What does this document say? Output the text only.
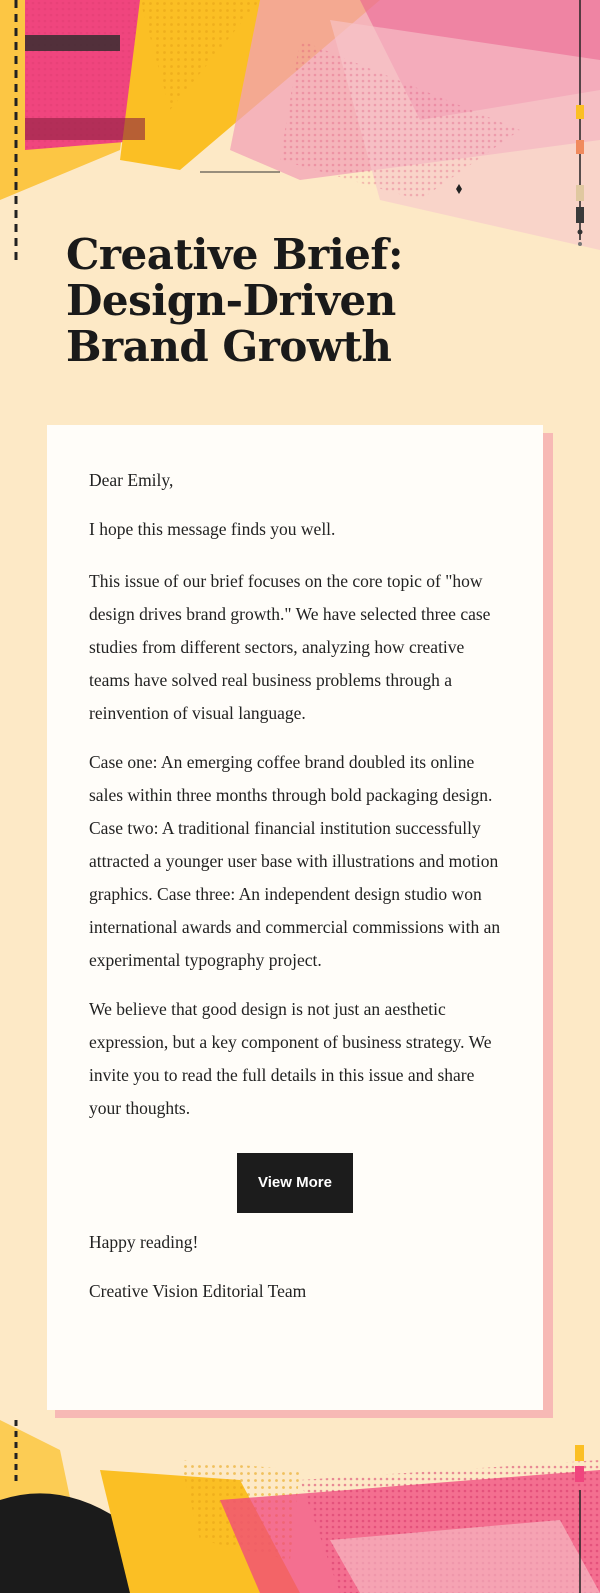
Creative Brief:
Design-Driven
Brand Growth

Dear Emily,

I hope this message finds you well.

This issue of our brief focuses on the core topic of "how design drives brand growth." We have selected three case studies from different sectors, analyzing how creative teams have solved real business problems through a reinvention of visual language.

Case one: An emerging coffee brand doubled its online sales within three months through bold packaging design. Case two: A traditional financial institution successfully attracted a younger user base with illustrations and motion graphics. Case three: An independent design studio won international awards and commercial commissions with an experimental typography project.

We believe that good design is not just an aesthetic expression, but a key component of business strategy. We invite you to read the full details in this issue and share your thoughts.

View More

Happy reading!

Creative Vision Editorial Team
